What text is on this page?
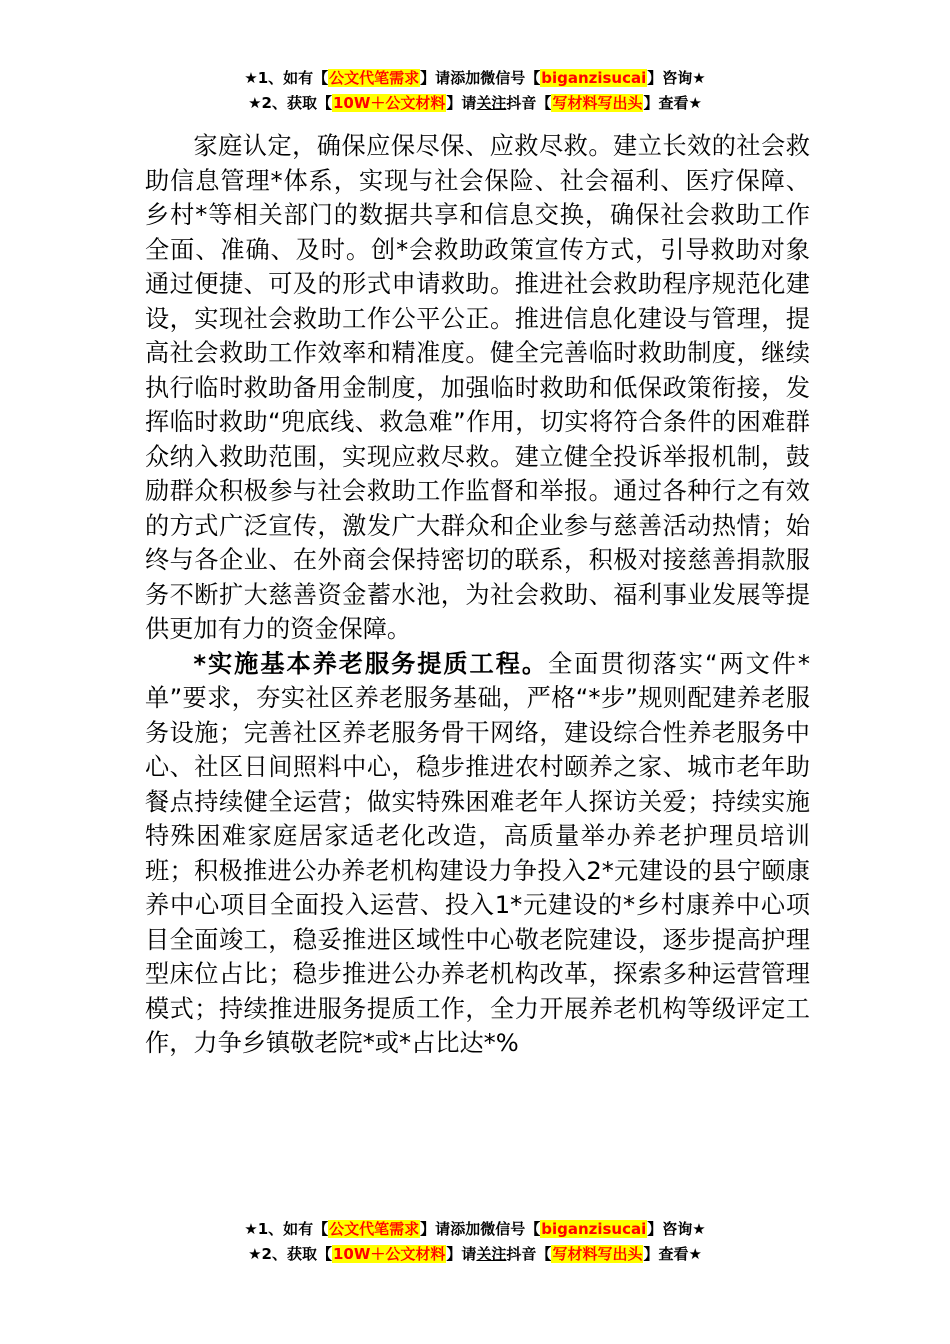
★1、如有【公文代笔需求】请添加微信号【biganzisucai】咨询★
★2、获取【10W＋公文材料】请关注抖音【写材料写出头】查看★

家庭认定，确保应保尽保、应救尽救。建立长效的社会救助信息管理*体系，实现与社会保险、社会福利、医疗保障、乡村*等相关部门的数据共享和信息交换，确保社会救助工作全面、准确、及时。创*会救助政策宣传方式，引导救助对象通过便捷、可及的形式申请救助。推进社会救助程序规范化建设，实现社会救助工作公平公正。推进信息化建设与管理，提高社会救助工作效率和精准度。健全完善临时救助制度，继续执行临时救助备用金制度，加强临时救助和低保政策衔接，发挥临时救助“兜底线、救急难”作用，切实将符合条件的困难群众纳入救助范围，实现应救尽救。建立健全投诉举报机制，鼓励群众积极参与社会救助工作监督和举报。通过各种行之有效的方式广泛宣传，激发广大群众和企业参与慈善活动热情；始终与各企业、在外商会保持密切的联系，积极对接慈善捐款服务不断扩大慈善资金蓄水池，为社会救助、福利事业发展等提供更加有力的资金保障。

*实施基本养老服务提质工程。全面贯彻落实“两文件*单”要求，夯实社区养老服务基础，严格“*步”规则配建养老服务设施；完善社区养老服务骨干网络，建设综合性养老服务中心、社区日间照料中心，稳步推进农村颐养之家、城市老年助餐点持续健全运营；做实特殊困难老年人探访关爱；持续实施特殊困难家庭居家适老化改造，高质量举办养老护理员培训班；积极推进公办养老机构建设力争投入2*元建设的县宁颐康养中心项目全面投入运营、投入1*元建设的*乡村康养中心项目全面竣工，稳妥推进区域性中心敬老院建设，逐步提高护理型床位占比；稳步推进公办养老机构改革，探索多种运营管理模式；持续推进服务提质工作，全力开展养老机构等级评定工作，力争乡镇敬老院*或*占比达*%

★1、如有【公文代笔需求】请添加微信号【biganzisucai】咨询★
★2、获取【10W＋公文材料】请关注抖音【写材料写出头】查看★
